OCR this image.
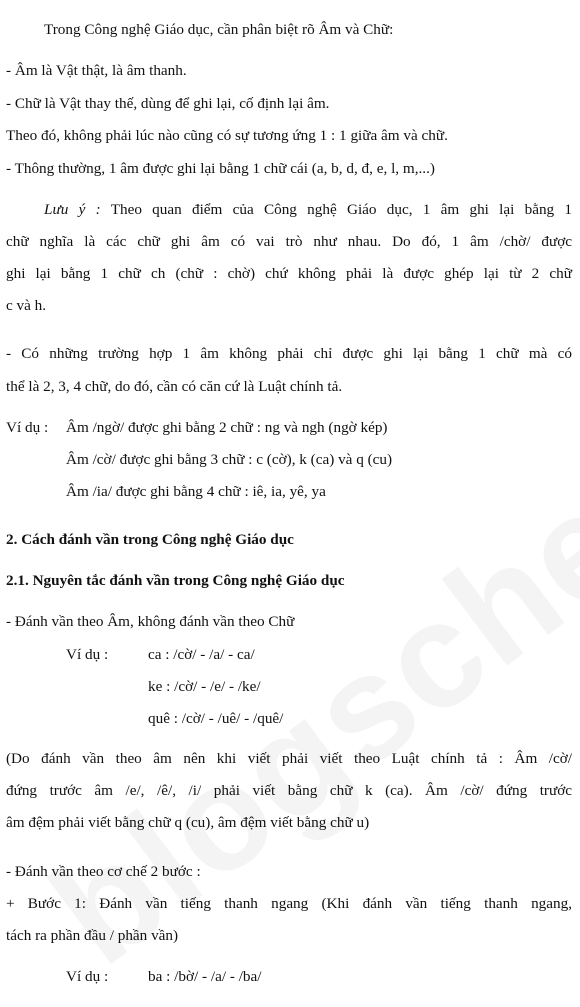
Trong Công nghệ Giáo dục, cần phân biệt rõ Âm và Chữ:
- Âm là Vật thật, là âm thanh.
- Chữ là Vật thay thế, dùng để ghi lại, cố định lại âm.
Theo đó, không phải lúc nào cũng có sự tương ứng 1 : 1 giữa âm và chữ.
- Thông thường, 1 âm được ghi lại bằng 1 chữ cái (a, b, d, đ, e, l, m,...)
Lưu ý : Theo quan điểm của Công nghệ Giáo dục, 1 âm ghi lại bằng 1
chữ nghĩa là các chữ ghi âm có vai trò như nhau. Do đó, 1 âm /chờ/ được
ghi lại bằng 1 chữ ch (chữ : chờ) chứ không phải là được ghép lại từ 2 chữ
c và h.
- Có những trường hợp 1 âm không phải chỉ được ghi lại bằng 1 chữ mà có
thể là 2, 3, 4 chữ, do đó, cần có căn cứ là Luật chính tả.
Ví dụ : Âm /ngờ/ được ghi bằng 2 chữ : ng và ngh (ngờ kép)
Âm /cờ/ được ghi bằng 3 chữ : c (cờ), k (ca) và q (cu)
Âm /ia/ được ghi bằng 4 chữ : iê, ia, yê, ya
2. Cách đánh vần trong Công nghệ Giáo dục
2.1. Nguyên tắc đánh vần trong Công nghệ Giáo dục
- Đánh vần theo Âm, không đánh vần theo Chữ
Ví dụ :	ca : /cờ/ - /a/ - ca/
ke : /cờ/ - /e/ - /ke/
quê : /cờ/ - /uê/ - /quê/
(Do đánh vần theo âm nên khi viết phải viết theo Luật chính tả : Âm /cờ/
đứng trước âm /e/, /ê/, /i/ phải viết bằng chữ k (ca). Âm /cờ/ đứng trước
âm đệm phải viết bằng chữ q (cu), âm đệm viết bằng chữ u)
- Đánh vần theo cơ chế 2 bước :
+ Bước 1: Đánh vần tiếng thanh ngang (Khi đánh vần tiếng thanh ngang,
tách ra phần đầu / phần vần)
Ví dụ :	ba : /bờ/ - /a/ - /ba/
